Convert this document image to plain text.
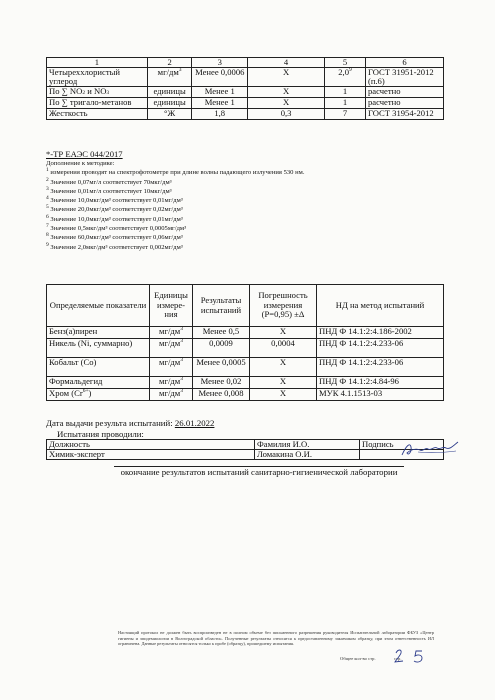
1	2	3	4	5	6
Четыреххлористый углерод	$мг/дм^3$	Менее 0,0006	X	$2,0^9$	ГОСТ 31951-2012 (п.6)
По ∑ NO2 и NO3	единицы	Менее 1	X	1	расчетно
По ∑ тригало-метанов	единицы	Менее 1	X	1	расчетно
Жесткость	°Ж	1,8	0,3	7	ГОСТ 31954-2012
*-ТР ЕАЭС 044/2017
Дополнение к методике:
$^1$ измерения проводят на спектрофотометре при длине волны падающего излучения 530 нм.
$^2$ Значение 0,07мг/л соответствует 70мкг/дм³
$^3$ Значение 0,01мг/л соответствует 10мкг/дм³
$^4$ Значение 10,0мкг/дм³ соответствует 0,01мг/дм³
$^5$ Значение 20,0мкг/дм³ соответствует 0,02мг/дм³
$^6$ Значение 10,0мкг/дм³ соответствует 0,01мг/дм³
$^7$ Значение 0,5мкг/дм³ соответствует 0,0005мг/дм³
$^8$ Значение 60,0мкг/дм³ соответствует 0,06мг/дм³
$^9$ Значение 2,0мкг/дм³ соответствует 0,002мг/дм³
Определяемые показатели	Единицы измере-ния	Результаты испытаний	Погрешность измерения (Р=0,95) ±Δ	НД на метод испытаний
Бенз(а)пирен	$мг/дм^3$	Менее 0,5	X	ПНД Ф 14.1:2:4.186-2002
Никель (Ni, суммарно)	$мг/дм^3$	0,0009	0,0004	ПНД Ф 14.1:2:4.233-06
Кобальт (Co)	$мг/дм^3$	Менее 0,0005	X	ПНД Ф 14.1:2:4.233-06
Формальдегид	$мг/дм^3$	Менее 0,02	X	ПНД Ф 14.1:2:4.84-96
Хром $(Cr^{6+})$	$мг/дм^3$	Менее 0,008	X	МУК 4.1.1513-03
Дата выдачи результа испытаний: 26.01.2022
Испытания проводили:
Должность	Фамилия И.О.	Подпись
Химик-эксперт	Ломакина О.И.	
окончание результатов испытаний санитарно-гигиенической лаборатории
Настоящий протокол не должен быть воспроизведен не в полном объеме без письменного разрешения руководителя Испытательной лаборатории ФБУЗ «Центр гигиены и эпидемиологии в Волгоградской области». Полученные результаты относятся к предоставленному заказчиком образцу, при этом ответственность ИЛ ограничена. Данные результаты относятся только к пробе (образцу), прошедшему испытания.
Общее кол-во стр.	стр.
